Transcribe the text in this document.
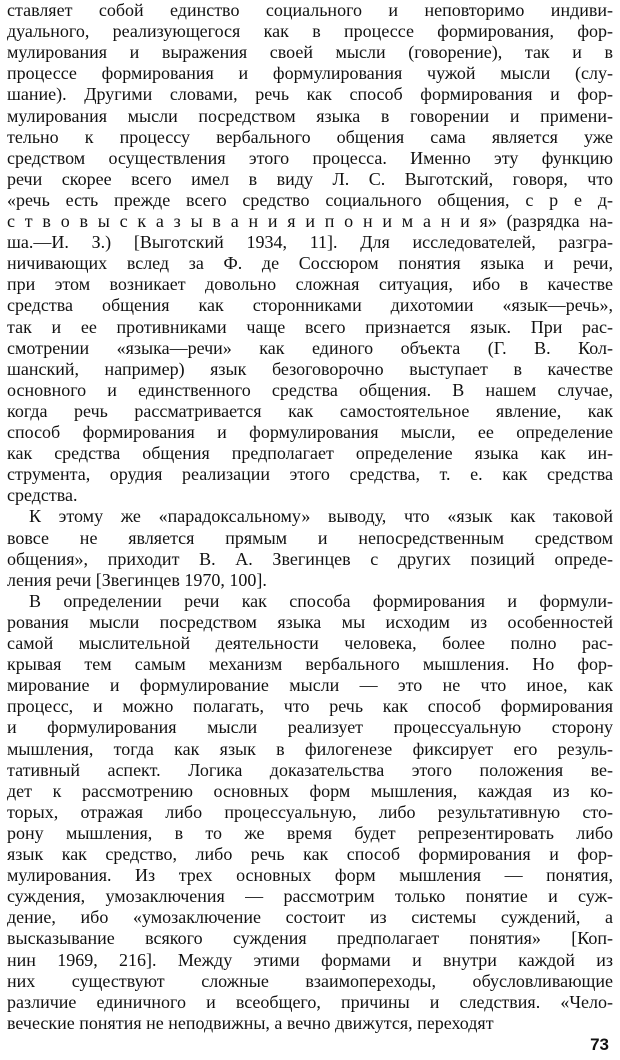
ставляет собой единство социального и неповторимо индиви-
дуального, реализующегося как в процессе формирования, фор-
мулирования и выражения своей мысли (говорение), так и в
процессе формирования и формулирования чужой мысли (слу-
шание). Другими словами, речь как способ формирования и фор-
мулирования мысли посредством языка в говорении и примени-
тельно к процессу вербального общения сама является уже
средством осуществления этого процесса. Именно эту функцию
речи скорее всего имел в виду Л. С. Выготский, говоря, что
«речь есть прежде всего средство социального общения, с р е д-
с т в о в ы с к а з ы в а н и я и п о н и м а н и я» (разрядка на-
ша.—И. З.) [Выготский 1934, 11]. Для исследователей, разгра-
ничивающих вслед за Ф. де Соссюром понятия языка и речи,
при этом возникает довольно сложная ситуация, ибо в качестве
средства общения как сторонниками дихотомии «язык—речь»,
так и ее противниками чаще всего признается язык. При рас-
смотрении «языка—речи» как единого объекта (Г. В. Кол-
шанский, например) язык безоговорочно выступает в качестве
основного и единственного средства общения. В нашем случае,
когда речь рассматривается как самостоятельное явление, как
способ формирования и формулирования мысли, ее определение
как средства общения предполагает определение языка как ин-
струмента, орудия реализации этого средства, т. е. как средства
средства.
К этому же «парадоксальному» выводу, что «язык как таковой
вовсе не является прямым и непосредственным средством
общения», приходит В. А. Звегинцев с других позиций опреде-
ления речи [Звегинцев 1970, 100].
В определении речи как способа формирования и формули-
рования мысли посредством языка мы исходим из особенностей
самой мыслительной деятельности человека, более полно рас-
крывая тем самым механизм вербального мышления. Но фор-
мирование и формулирование мысли — это не что иное, как
процесс, и можно полагать, что речь как способ формирования
и формулирования мысли реализует процессуальную сторону
мышления, тогда как язык в филогенезе фиксирует его резуль-
тативный аспект. Логика доказательства этого положения ве-
дет к рассмотрению основных форм мышления, каждая из ко-
торых, отражая либо процессуальную, либо результативную сто-
рону мышления, в то же время будет репрезентировать либо
язык как средство, либо речь как способ формирования и фор-
мулирования. Из трех основных форм мышления — понятия,
суждения, умозаключения — рассмотрим только понятие и суж-
дение, ибо «умозаключение состоит из системы суждений, а
высказывание всякого суждения предполагает понятия» [Коп-
нин 1969, 216]. Между этими формами и внутри каждой из
них существуют сложные взаимопереходы, обусловливающие
различие единичного и всеобщего, причины и следствия. «Чело-
веческие понятия не неподвижны, а вечно движутся, переходят
73
